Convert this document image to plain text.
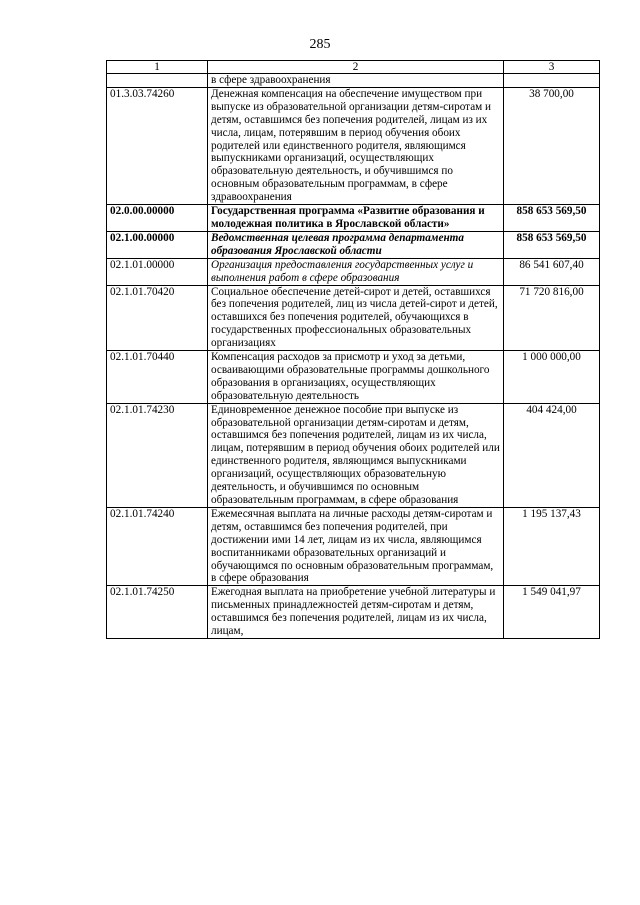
285
1	2	3
	в сфере здравоохранения	
01.3.03.74260	Денежная компенсация на обеспечение имуществом при выпуске из образовательной организации детям-сиротам и детям, оставшимся без попечения родителей, лицам из их числа, лицам, потерявшим в период обучения обоих родителей или единственного родителя, являющимся выпускниками организаций, осуществляющих образовательную деятельность, и обучившимся по основным образовательным программам, в сфере здравоохранения	38 700,00
02.0.00.00000	Государственная программа «Развитие образования и молодежная политика в Ярославской области»	858 653 569,50
02.1.00.00000	Ведомственная целевая программа департамента образования Ярославской области	858 653 569,50
02.1.01.00000	Организация предоставления государственных услуг и выполнения работ в сфере образования	86 541 607,40
02.1.01.70420	Социальное обеспечение детей-сирот и детей, оставшихся без попечения родителей, лиц из числа детей-сирот и детей, оставшихся без попечения родителей, обучающихся в государственных профессиональных образовательных организациях	71 720 816,00
02.1.01.70440	Компенсация расходов за присмотр и уход за детьми, осваивающими образовательные программы дошкольного образования в организациях, осуществляющих образовательную деятельность	1 000 000,00
02.1.01.74230	Единовременное денежное пособие при выпуске из образовательной организации детям-сиротам и детям, оставшимся без попечения родителей, лицам из их числа, лицам, потерявшим в период обучения обоих родителей или единственного родителя, являющимся выпускниками организаций, осуществляющих образовательную деятельность, и обучившимся по основным образовательным программам, в сфере образования	404 424,00
02.1.01.74240	Ежемесячная выплата на личные расходы детям-сиротам и детям, оставшимся без попечения родителей, при достижении ими 14 лет, лицам из их числа, являющимся воспитанниками образовательных организаций и обучающимся по основным образовательным программам, в сфере образования	1 195 137,43
02.1.01.74250	Ежегодная выплата на приобретение учебной литературы и письменных принадлежностей детям-сиротам и детям, оставшимся без попечения родителей, лицам из их числа, лицам,	1 549 041,97
